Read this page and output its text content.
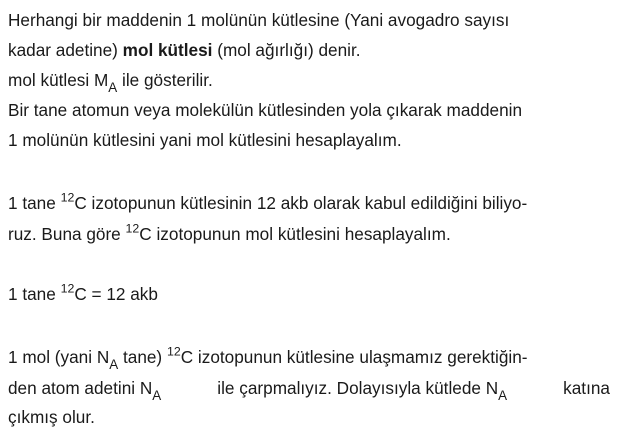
Herhangi bir maddenin 1 molünün kütlesine (Yani avogadro sayısı
kadar adetine) mol kütlesi (mol ağırlığı) denir.
mol kütlesi $M_A$ ile gösterilir.
Bir tane atomun veya molekülün kütlesinden yola çıkarak maddenin
1 molünün kütlesini yani mol kütlesini hesaplayalım.
1 tane $^{12}$C izotopunun kütlesinin 12 akb olarak kabul edildiğini biliyo-
ruz. Buna göre $^{12}$C izotopunun mol kütlesini hesaplayalım.
1 tane $^{12}$C = 12 akb
1 mol (yani $N_A$ tane) $^{12}$C izotopunun kütlesine ulaşmamız gerektiğin-
den atom adetini $N_A$	ile çarpmalıyız. Dolayısıyla kütlede $N_A$	katına
çıkmış olur.
